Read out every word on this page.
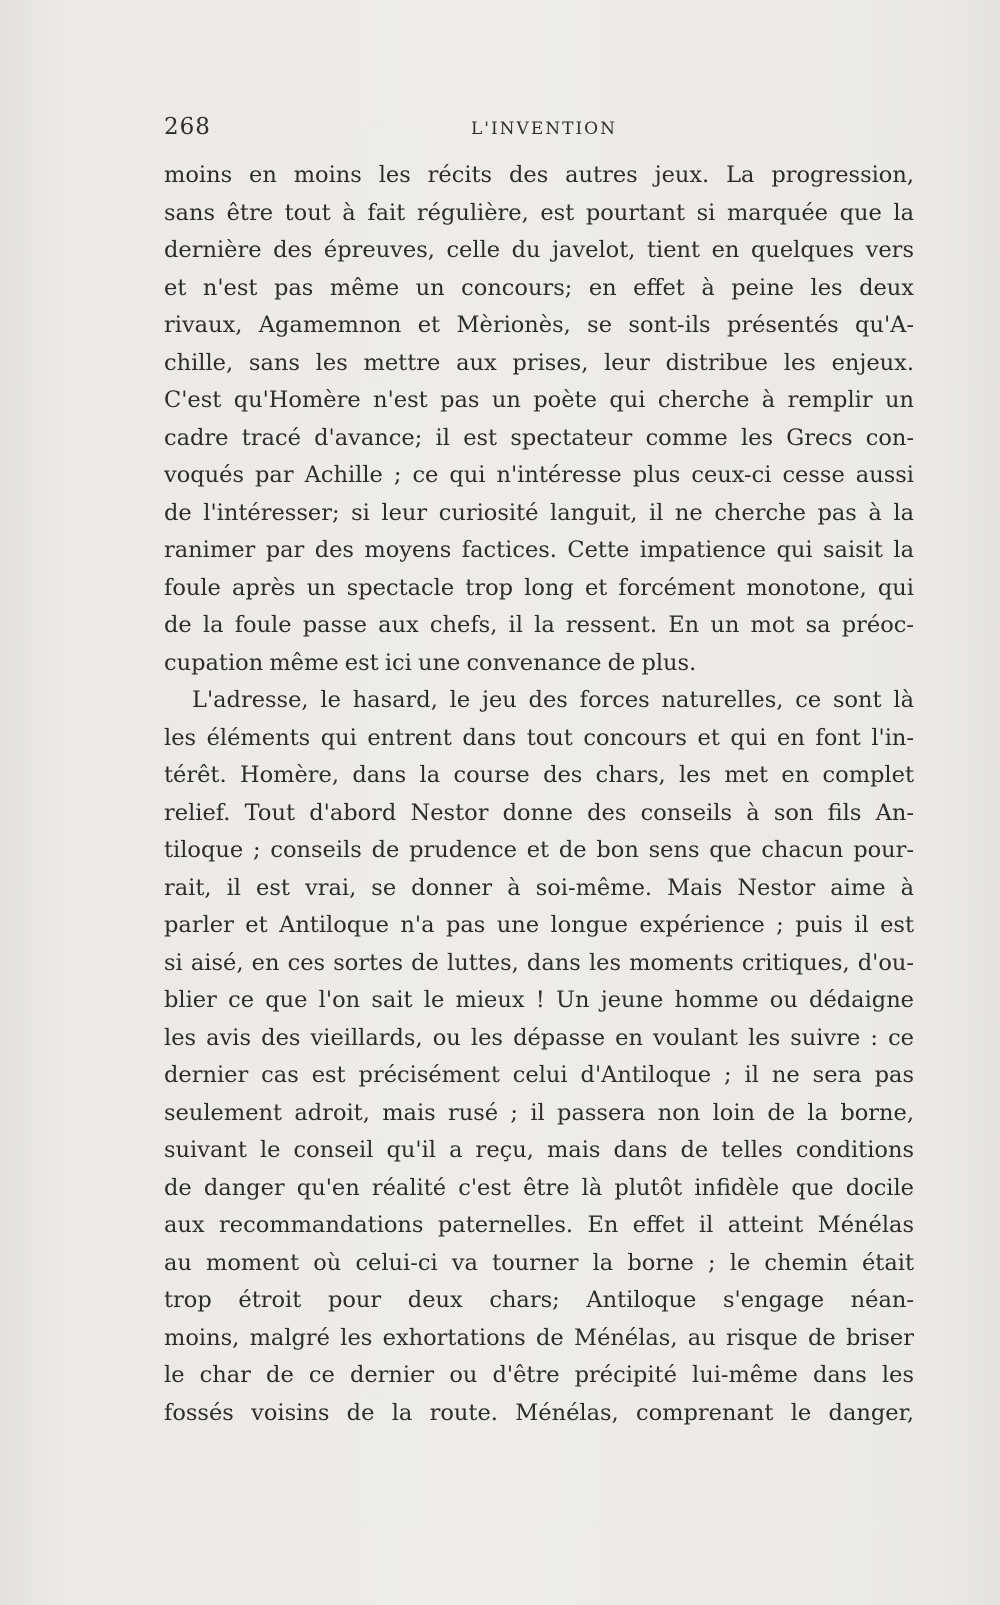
268	L'INVENTION
moins en moins les récits des autres jeux. La progression,
sans être tout à fait régulière, est pourtant si marquée que la
dernière des épreuves, celle du javelot, tient en quelques vers
et n'est pas même un concours; en effet à peine les deux
rivaux, Agamemnon et Mèrionès, se sont-ils présentés qu'A-
chille, sans les mettre aux prises, leur distribue les enjeux.
C'est qu'Homère n'est pas un poète qui cherche à remplir un
cadre tracé d'avance; il est spectateur comme les Grecs con-
voqués par Achille ; ce qui n'intéresse plus ceux-ci cesse aussi
de l'intéresser; si leur curiosité languit, il ne cherche pas à la
ranimer par des moyens factices. Cette impatience qui saisit la
foule après un spectacle trop long et forcément monotone, qui
de la foule passe aux chefs, il la ressent. En un mot sa préoc-
cupation même est ici une convenance de plus.
L'adresse, le hasard, le jeu des forces naturelles, ce sont là
les éléments qui entrent dans tout concours et qui en font l'in-
térêt. Homère, dans la course des chars, les met en complet
relief. Tout d'abord Nestor donne des conseils à son fils An-
tiloque ; conseils de prudence et de bon sens que chacun pour-
rait, il est vrai, se donner à soi-même. Mais Nestor aime à
parler et Antiloque n'a pas une longue expérience ; puis il est
si aisé, en ces sortes de luttes, dans les moments critiques, d'ou-
blier ce que l'on sait le mieux ! Un jeune homme ou dédaigne
les avis des vieillards, ou les dépasse en voulant les suivre : ce
dernier cas est précisément celui d'Antiloque ; il ne sera pas
seulement adroit, mais rusé ; il passera non loin de la borne,
suivant le conseil qu'il a reçu, mais dans de telles conditions
de danger qu'en réalité c'est être là plutôt infidèle que docile
aux recommandations paternelles. En effet il atteint Ménélas
au moment où celui-ci va tourner la borne ; le chemin était
trop étroit pour deux chars; Antiloque s'engage néan-
moins, malgré les exhortations de Ménélas, au risque de briser
le char de ce dernier ou d'être précipité lui-même dans les
fossés voisins de la route. Ménélas, comprenant le danger,
